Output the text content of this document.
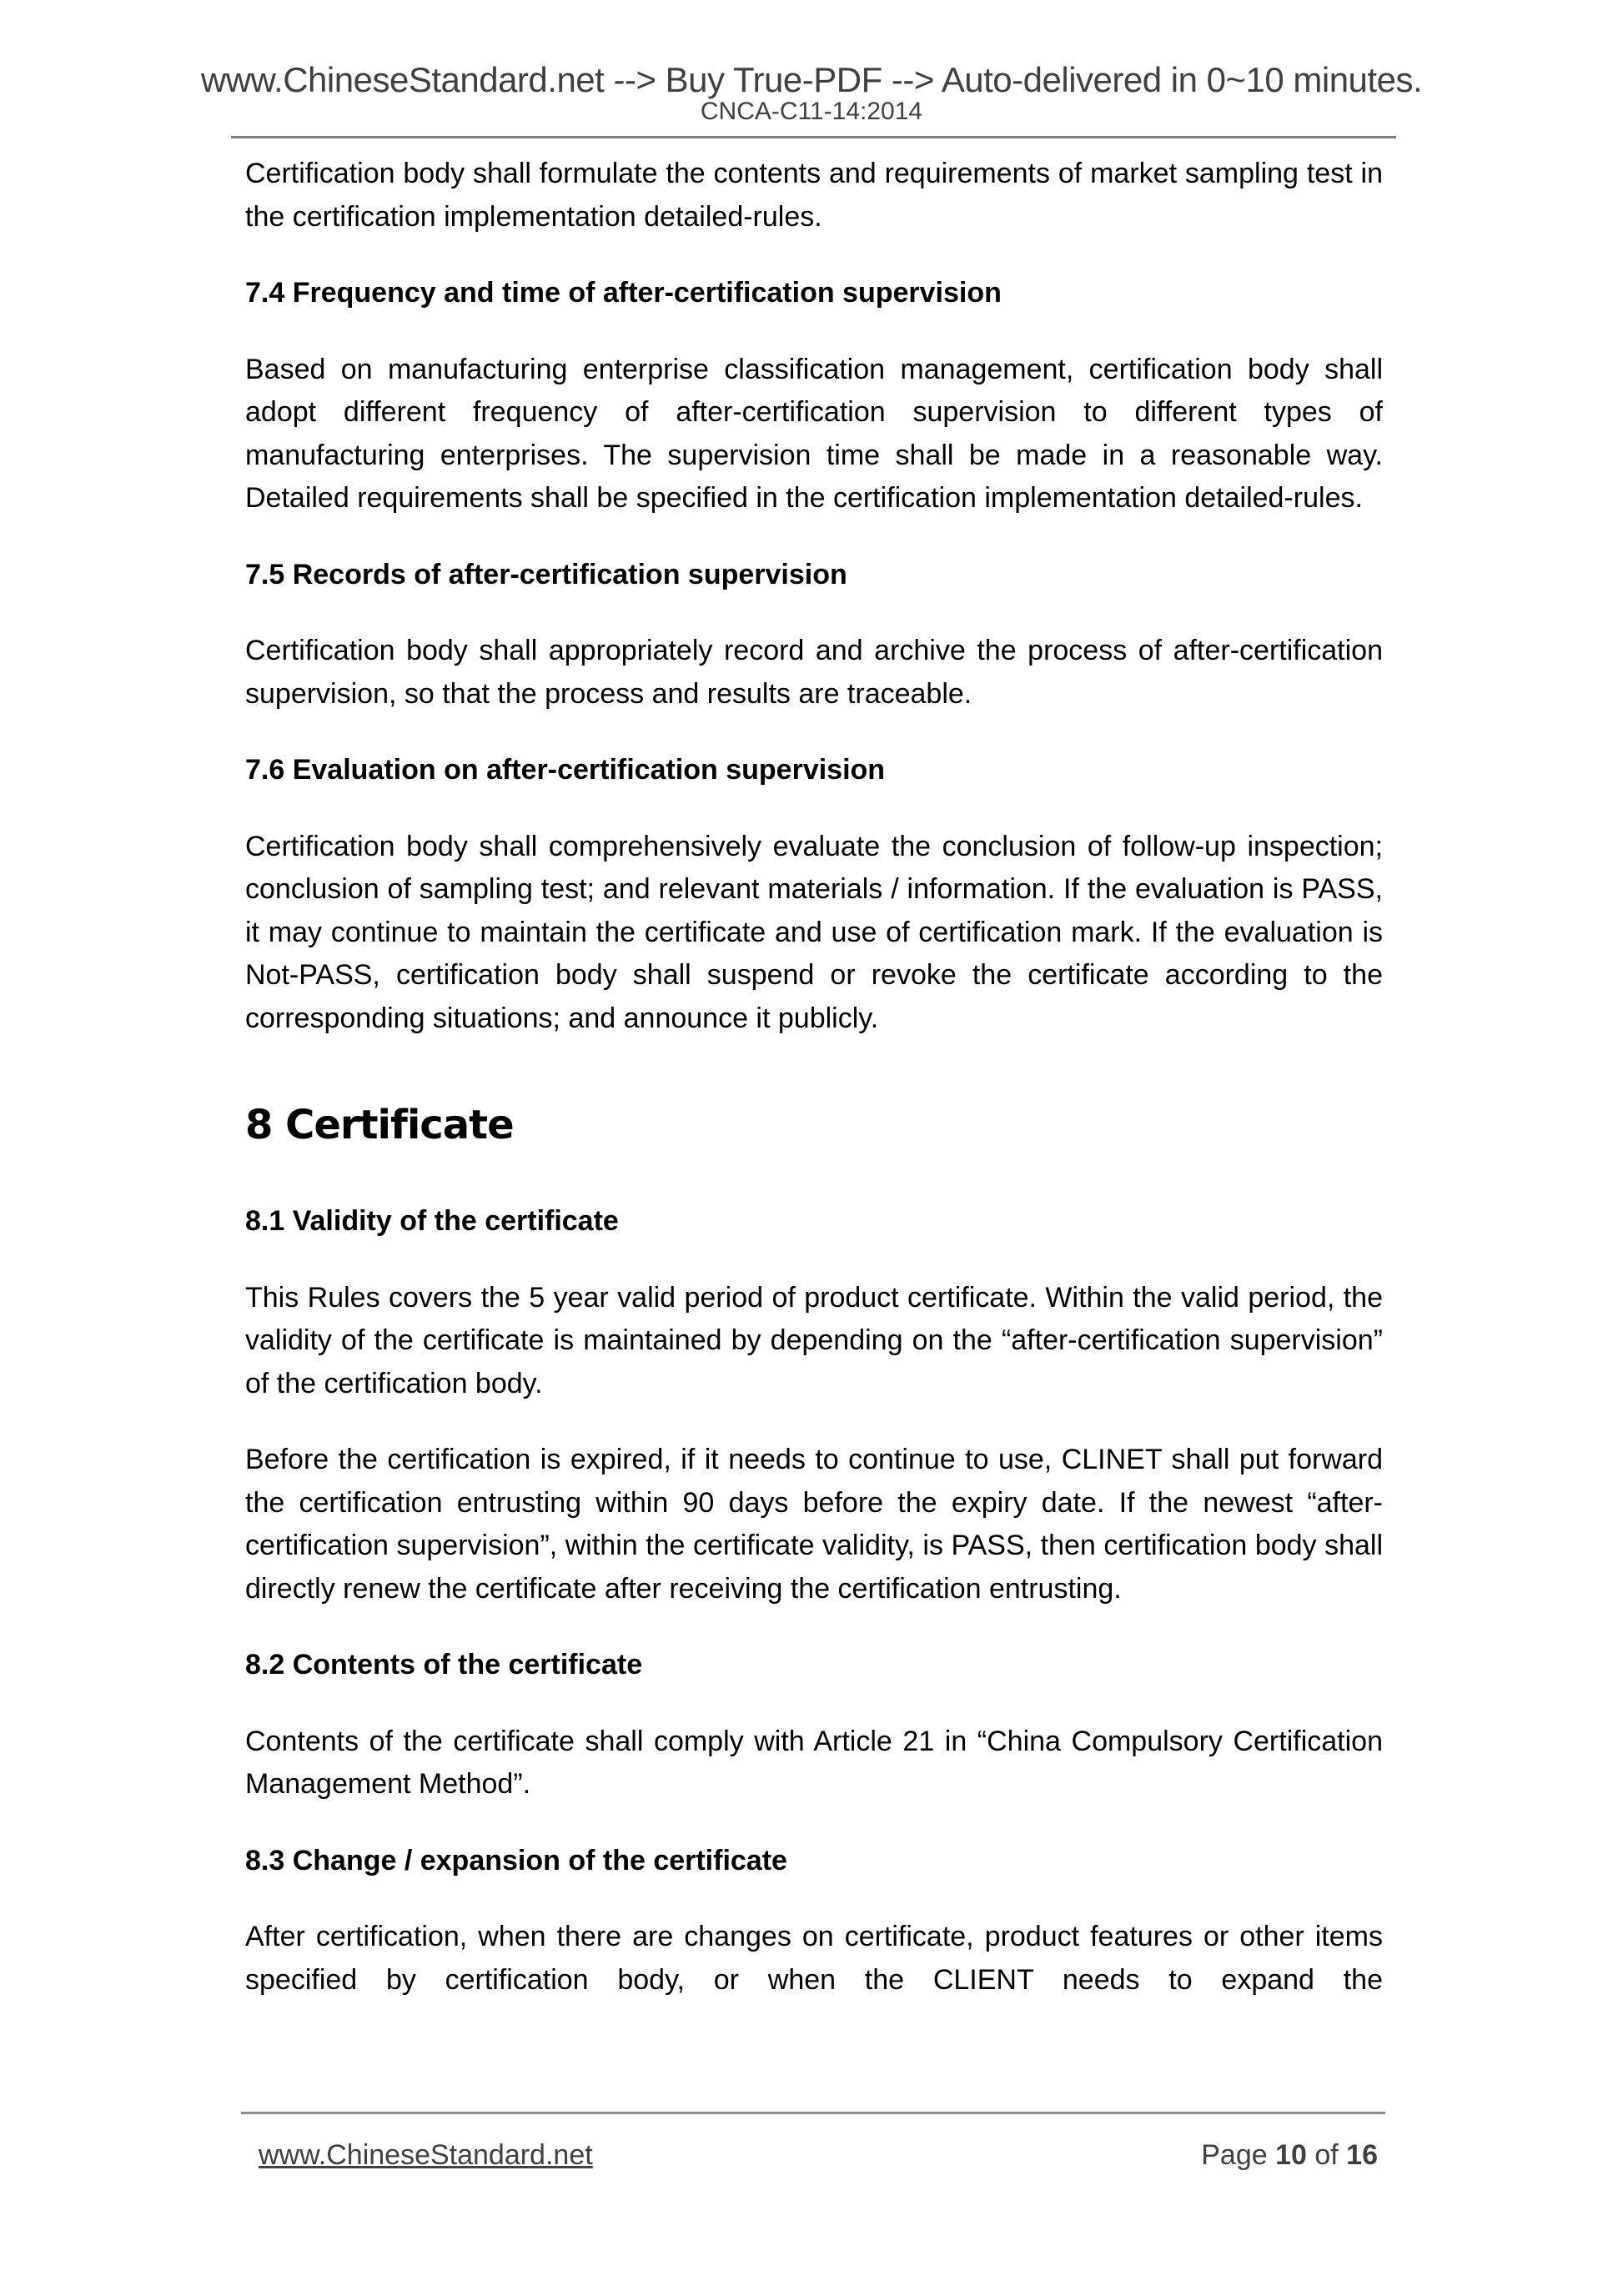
www.ChineseStandard.net --> Buy True-PDF --> Auto-delivered in 0~10 minutes.
CNCA-C11-14:2014

Certification body shall formulate the contents and requirements of market sampling test in the certification implementation detailed-rules.

7.4 Frequency and time of after-certification supervision

Based on manufacturing enterprise classification management, certification body shall adopt different frequency of after-certification supervision to different types of manufacturing enterprises. The supervision time shall be made in a reasonable way. Detailed requirements shall be specified in the certification implementation detailed-rules.

7.5 Records of after-certification supervision

Certification body shall appropriately record and archive the process of after-certification supervision, so that the process and results are traceable.

7.6 Evaluation on after-certification supervision

Certification body shall comprehensively evaluate the conclusion of follow-up inspection; conclusion of sampling test; and relevant materials / information. If the evaluation is PASS, it may continue to maintain the certificate and use of certification mark. If the evaluation is Not-PASS, certification body shall suspend or revoke the certificate according to the corresponding situations; and announce it publicly.

8 Certificate
8.1 Validity of the certificate

This Rules covers the 5 year valid period of product certificate. Within the valid period, the validity of the certificate is maintained by depending on the “after-certification supervision” of the certification body.

Before the certification is expired, if it needs to continue to use, CLINET shall put forward the certification entrusting within 90 days before the expiry date. If the newest “after-certification supervision”, within the certificate validity, is PASS, then certification body shall directly renew the certificate after receiving the certification entrusting.

8.2 Contents of the certificate

Contents of the certificate shall comply with Article 21 in “China Compulsory Certification Management Method”.

8.3 Change / expansion of the certificate

After certification, when there are changes on certificate, product features or other items specified by certification body, or when the CLIENT needs to expand the

www.ChineseStandard.net	Page 10 of 16
